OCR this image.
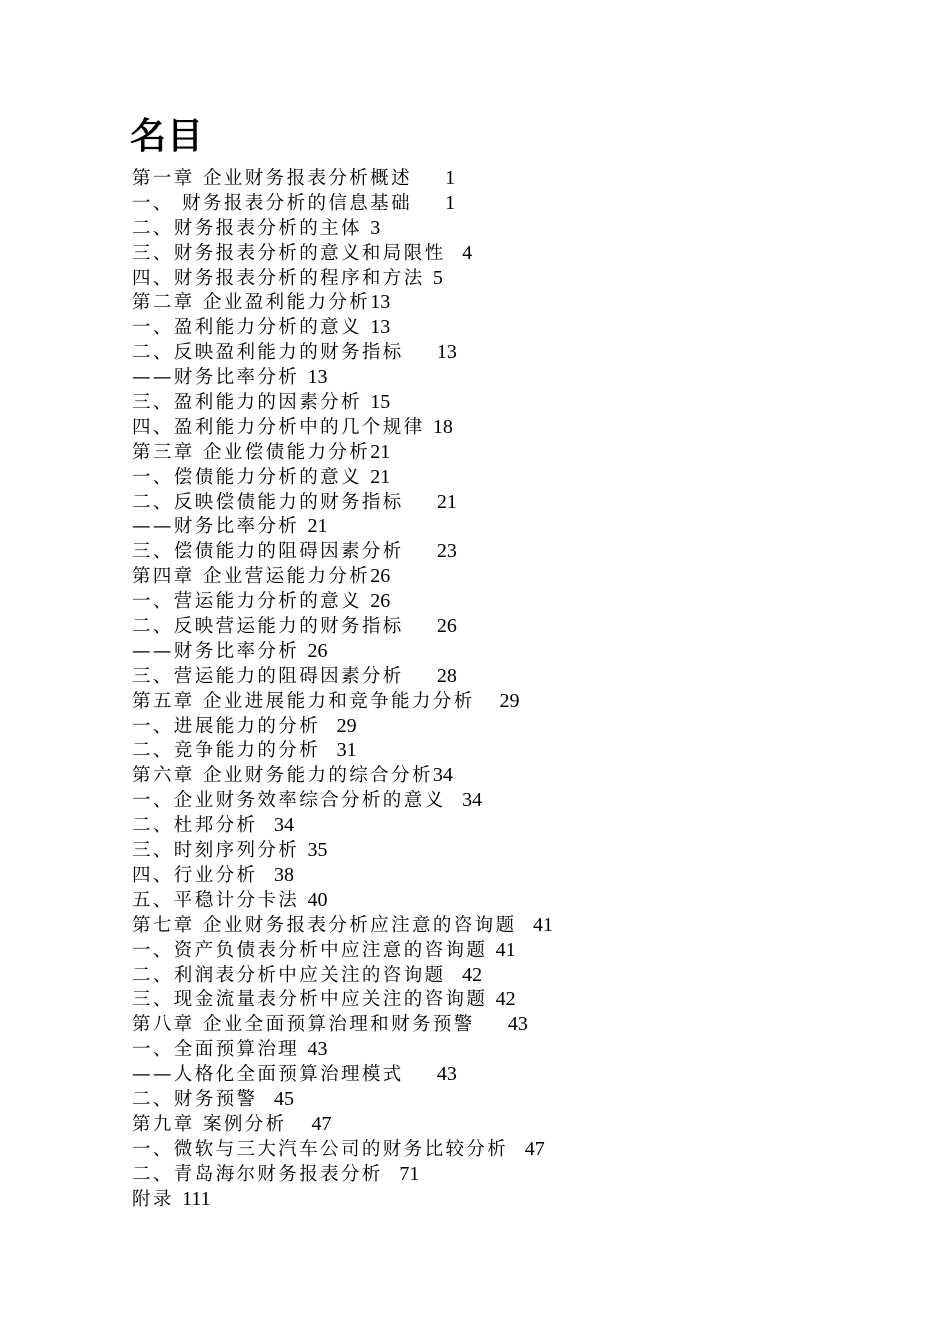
名目
第一章 企业财务报表分析概述 1
一、 财务报表分析的信息基础 1
二、财务报表分析的主体 3
三、财务报表分析的意义和局限性 4
四、财务报表分析的程序和方法 5
第二章 企业盈利能力分析13
一、盈利能力分析的意义 13
二、反映盈利能力的财务指标 13
——财务比率分析 13
三、盈利能力的因素分析 15
四、盈利能力分析中的几个规律 18
第三章 企业偿债能力分析21
一、偿债能力分析的意义 21
二、反映偿债能力的财务指标 21
——财务比率分析 21
三、偿债能力的阻碍因素分析 23
第四章 企业营运能力分析26
一、营运能力分析的意义 26
二、反映营运能力的财务指标 26
——财务比率分析 26
三、营运能力的阻碍因素分析 28
第五章 企业进展能力和竞争能力分析 29
一、进展能力的分析 29
二、竞争能力的分析 31
第六章 企业财务能力的综合分析34
一、企业财务效率综合分析的意义 34
二、杜邦分析 34
三、时刻序列分析 35
四、行业分析 38
五、平稳计分卡法 40
第七章 企业财务报表分析应注意的咨询题 41
一、资产负债表分析中应注意的咨询题 41
二、利润表分析中应关注的咨询题 42
三、现金流量表分析中应关注的咨询题 42
第八章 企业全面预算治理和财务预警 43
一、全面预算治理 43
——人格化全面预算治理模式 43
二、财务预警 45
第九章 案例分析 47
一、微软与三大汽车公司的财务比较分析 47
二、青岛海尔财务报表分析 71
附录 111
